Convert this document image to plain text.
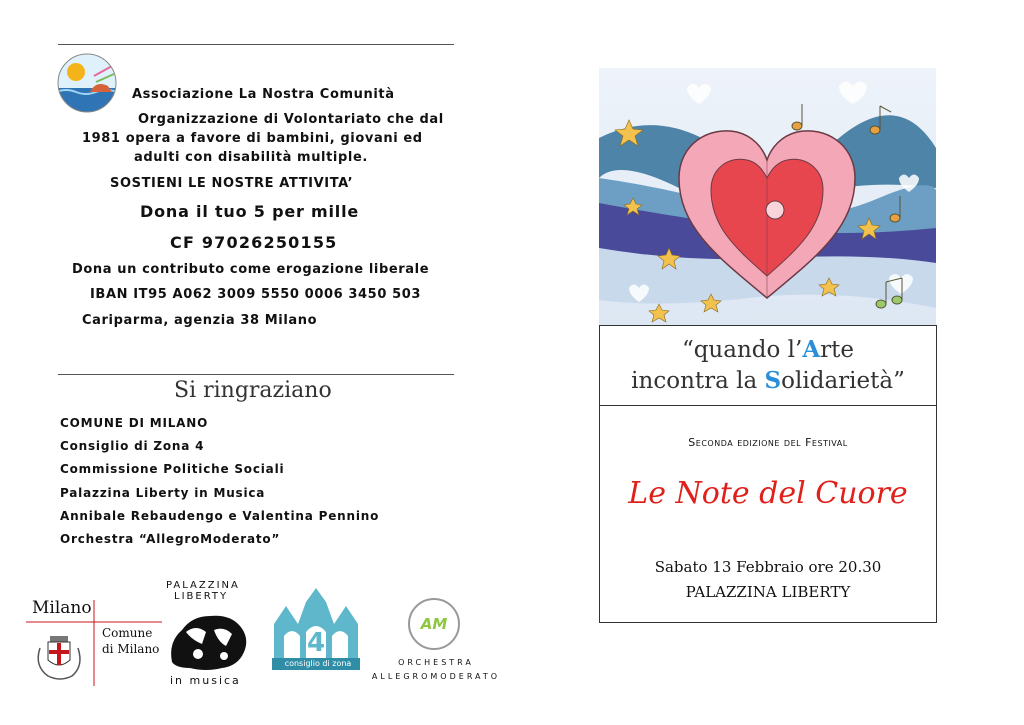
Associazione La Nostra Comunità
Organizzazione di Volontariato che dal
1981 opera a favore di bambini, giovani ed
adulti con disabilità multiple.
SOSTIENI LE NOSTRE ATTIVITA’
Dona il tuo 5 per mille
CF 97026250155
Dona un contributo come erogazione liberale
IBAN IT95 A062 3009 5550 0006 3450 503
Cariparma, agenzia 38 Milano
Si ringraziano
COMUNE DI MILANO
Consiglio di Zona 4
Commissione Politiche Sociali
Palazzina Liberty in Musica
Annibale Rebaudengo e Valentina Pennino
Orchestra “AllegroModerato”
Milano
Comune
di Milano
PALAZZINA
LIBERTY
in musica
4
consiglio di zona
AM
ORCHESTRA
ALLEGROMODERATO
“quando l’Arte
incontra la Solidarietà”
Seconda edizione del Festival
Le Note del Cuore
Sabato 13 Febbraio ore 20.30
PALAZZINA LIBERTY
